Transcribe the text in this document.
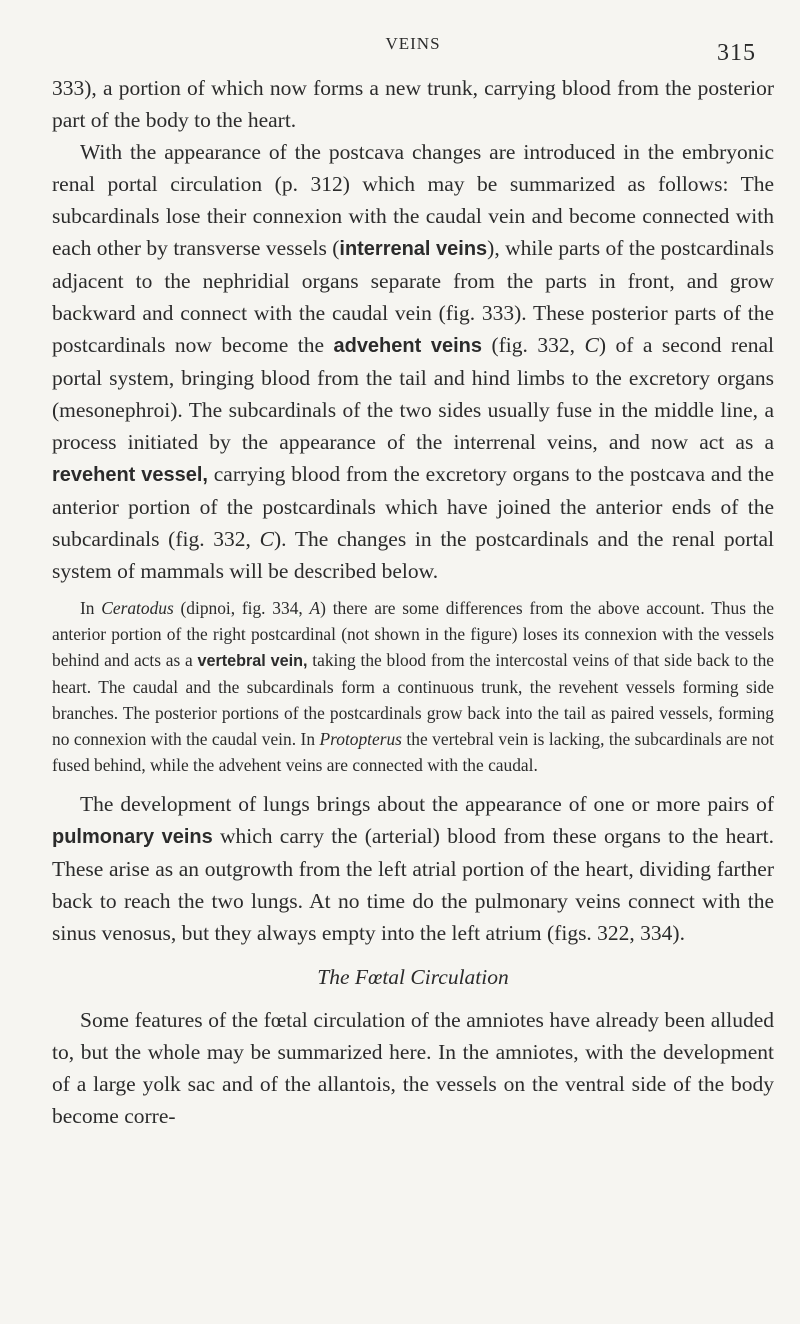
VEINS	315

333), a portion of which now forms a new trunk, carrying blood from the posterior part of the body to the heart.

With the appearance of the postcava changes are introduced in the embryonic renal portal circulation (p. 312) which may be summarized as follows: The subcardinals lose their connexion with the caudal vein and become connected with each other by transverse vessels (interrenal veins), while parts of the postcardinals adjacent to the nephridial organs separate from the parts in front, and grow backward and connect with the caudal vein (fig. 333). These posterior parts of the postcardinals now become the advehent veins (fig. 332, C) of a second renal portal system, bringing blood from the tail and hind limbs to the excretory organs (mesonephroi). The subcardinals of the two sides usually fuse in the middle line, a process initiated by the appearance of the interrenal veins, and now act as a revehent vessel, carrying blood from the excretory organs to the postcava and the anterior portion of the postcardinals which have joined the anterior ends of the subcardinals (fig. 332, C). The changes in the postcardinals and the renal portal system of mammals will be described below.

In Ceratodus (dipnoi, fig. 334, A) there are some differences from the above account. Thus the anterior portion of the right postcardinal (not shown in the figure) loses its connexion with the vessels behind and acts as a vertebral vein, taking the blood from the intercostal veins of that side back to the heart. The caudal and the subcardinals form a continuous trunk, the revehent vessels forming side branches. The posterior portions of the postcardinals grow back into the tail as paired vessels, forming no connexion with the caudal vein. In Protopterus the vertebral vein is lacking, the subcardinals are not fused behind, while the advehent veins are connected with the caudal.

The development of lungs brings about the appearance of one or more pairs of pulmonary veins which carry the (arterial) blood from these organs to the heart. These arise as an outgrowth from the left atrial portion of the heart, dividing farther back to reach the two lungs. At no time do the pulmonary veins connect with the sinus venosus, but they always empty into the left atrium (figs. 322, 334).

The Fœtal Circulation

Some features of the fœtal circulation of the amniotes have already been alluded to, but the whole may be summarized here. In the amniotes, with the development of a large yolk sac and of the allantois, the vessels on the ventral side of the body become corre-
